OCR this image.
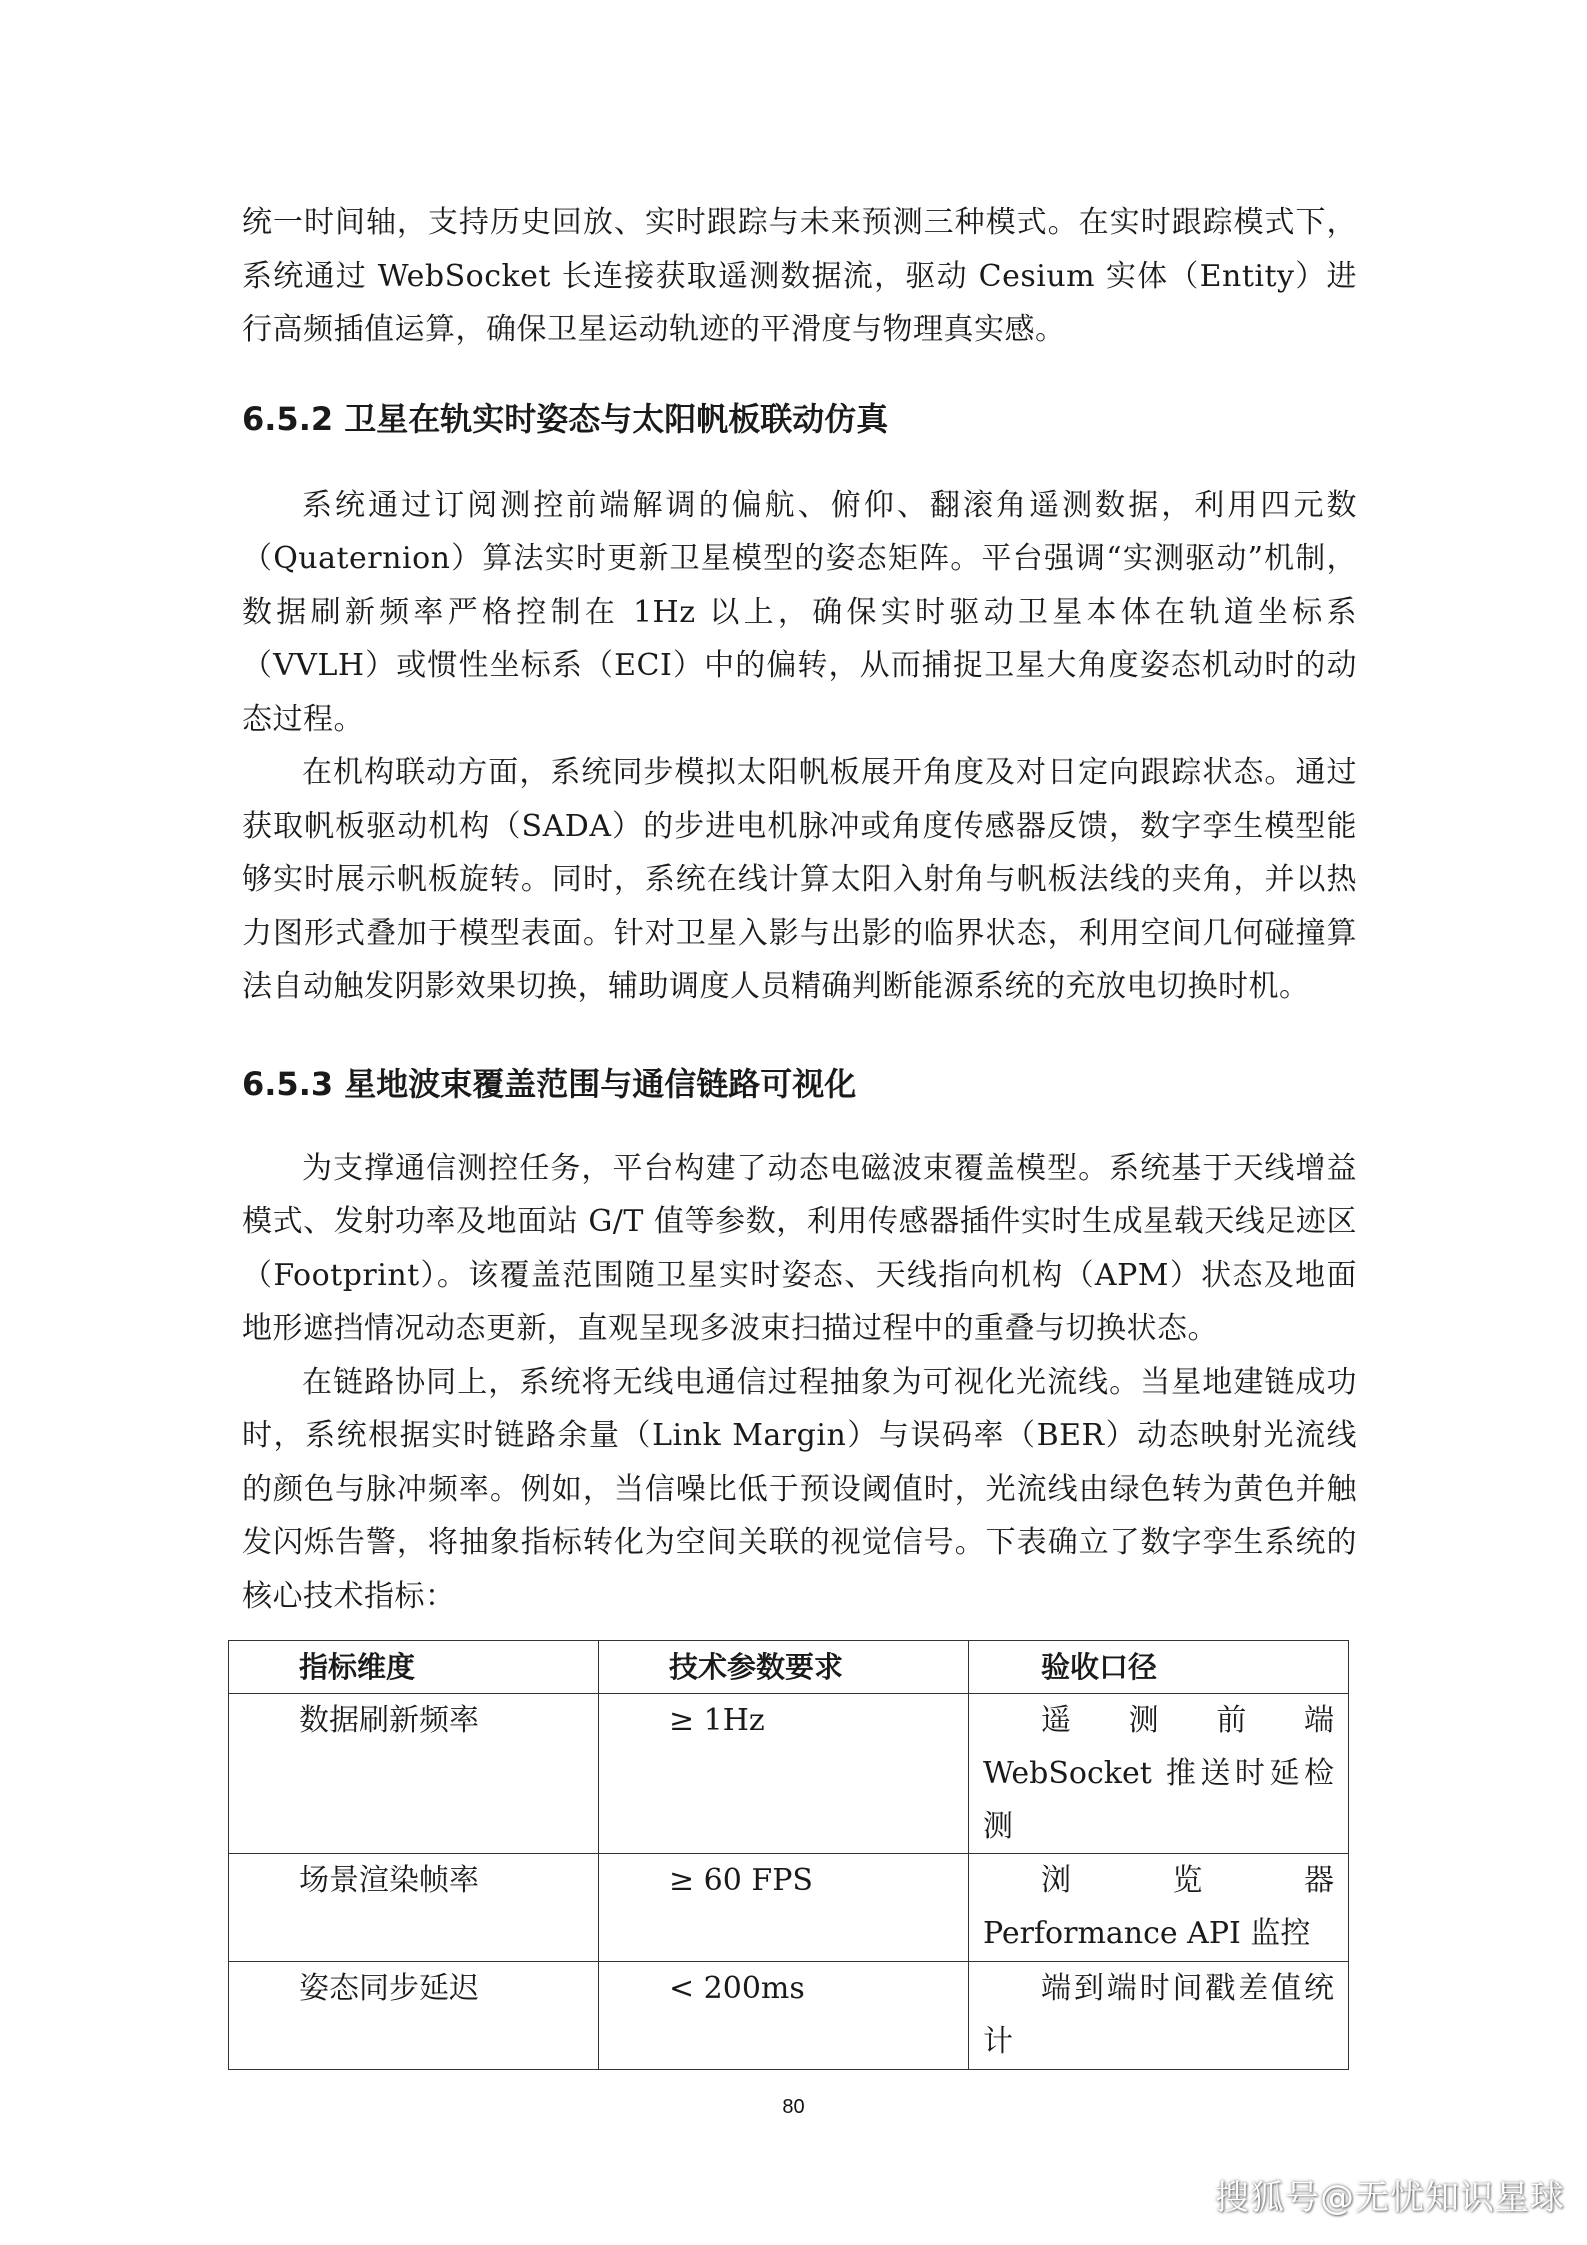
统一时间轴，支持历史回放、实时跟踪与未来预测三种模式。在实时跟踪模式下，系统通过 WebSocket 长连接获取遥测数据流，驱动 Cesium 实体（Entity）进行高频插值运算，确保卫星运动轨迹的平滑度与物理真实感。

6.5.2 卫星在轨实时姿态与太阳帆板联动仿真

系统通过订阅测控前端解调的偏航、俯仰、翻滚角遥测数据，利用四元数（Quaternion）算法实时更新卫星模型的姿态矩阵。平台强调“实测驱动”机制，数据刷新频率严格控制在 1Hz 以上，确保实时驱动卫星本体在轨道坐标系（VVLH）或惯性坐标系（ECI）中的偏转，从而捕捉卫星大角度姿态机动时的动态过程。

在机构联动方面，系统同步模拟太阳帆板展开角度及对日定向跟踪状态。通过获取帆板驱动机构（SADA）的步进电机脉冲或角度传感器反馈，数字孪生模型能够实时展示帆板旋转。同时，系统在线计算太阳入射角与帆板法线的夹角，并以热力图形式叠加于模型表面。针对卫星入影与出影的临界状态，利用空间几何碰撞算法自动触发阴影效果切换，辅助调度人员精确判断能源系统的充放电切换时机。

6.5.3 星地波束覆盖范围与通信链路可视化

为支撑通信测控任务，平台构建了动态电磁波束覆盖模型。系统基于天线增益模式、发射功率及地面站 G/T 值等参数，利用传感器插件实时生成星载天线足迹区（Footprint）。该覆盖范围随卫星实时姿态、天线指向机构（APM）状态及地面地形遮挡情况动态更新，直观呈现多波束扫描过程中的重叠与切换状态。

在链路协同上，系统将无线电通信过程抽象为可视化光流线。当星地建链成功时，系统根据实时链路余量（Link Margin）与误码率（BER）动态映射光流线的颜色与脉冲频率。例如，当信噪比低于预设阈值时，光流线由绿色转为黄色并触发闪烁告警，将抽象指标转化为空间关联的视觉信号。下表确立了数字孪生系统的核心技术指标：

指标维度	技术参数要求	验收口径
数据刷新频率	≥ 1Hz	遥测前端 WebSocket 推送时延检测

场景渲染帧率	≥ 60 FPS	浏览器 Performance API 监控

姿态同步延迟	< 200ms	端到端时间戳差值统计
80
搜狐号@无忧知识星球
